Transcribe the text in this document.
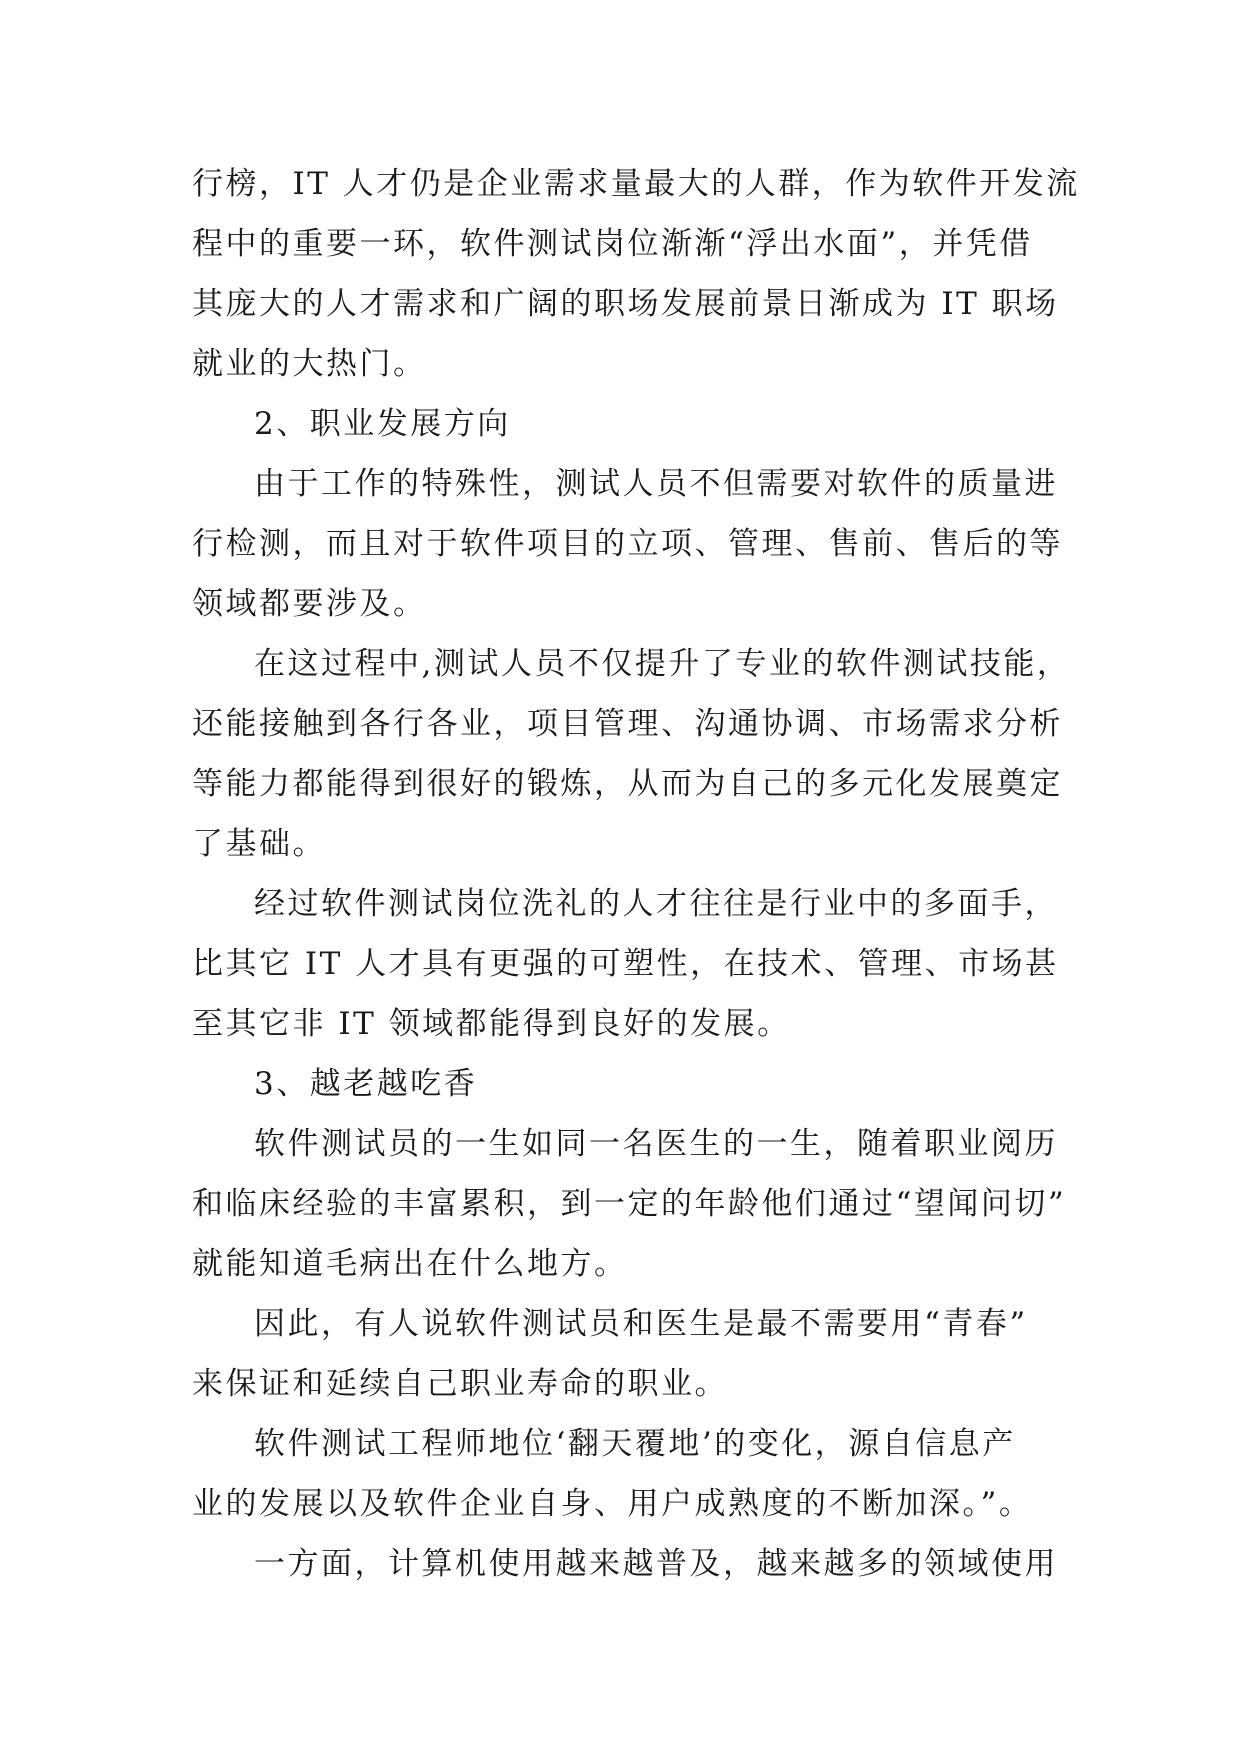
行榜，IT 人才仍是企业需求量最大的人群，作为软件开发流
程中的重要一环，软件测试岗位渐渐“浮出水面”，并凭借
其庞大的人才需求和广阔的职场发展前景日渐成为 IT 职场
就业的大热门。
2、职业发展方向
由于工作的特殊性，测试人员不但需要对软件的质量进
行检测，而且对于软件项目的立项、管理、售前、售后的等
领域都要涉及。
在这过程中,测试人员不仅提升了专业的软件测试技能，
还能接触到各行各业，项目管理、沟通协调、市场需求分析
等能力都能得到很好的锻炼，从而为自己的多元化发展奠定
了基础。
经过软件测试岗位洗礼的人才往往是行业中的多面手，
比其它 IT 人才具有更强的可塑性，在技术、管理、市场甚
至其它非 IT 领域都能得到良好的发展。
3、越老越吃香
软件测试员的一生如同一名医生的一生，随着职业阅历
和临床经验的丰富累积，到一定的年龄他们通过“望闻问切”
就能知道毛病出在什么地方。
因此，有人说软件测试员和医生是最不需要用“青春”
来保证和延续自己职业寿命的职业。
软件测试工程师地位‘翻天覆地’的变化，源自信息产
业的发展以及软件企业自身、用户成熟度的不断加深。”。
一方面，计算机使用越来越普及，越来越多的领域使用
